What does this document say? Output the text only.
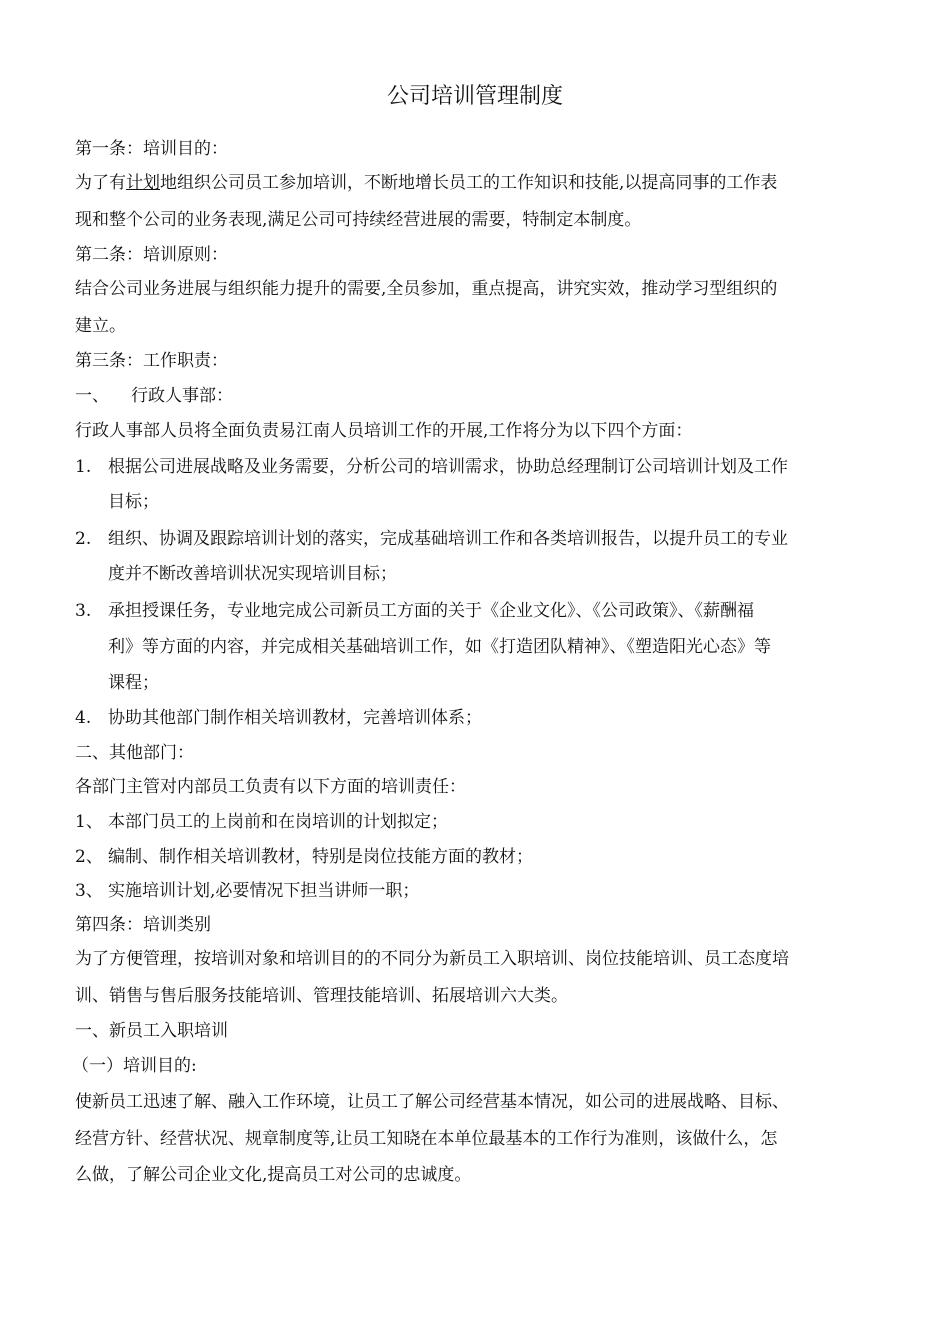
公司培训管理制度
第一条：培训目的：
为了有计划地组织公司员工参加培训，不断地增长员工的工作知识和技能,以提高同事的工作表
现和整个公司的业务表现,满足公司可持续经营进展的需要，特制定本制度。
第二条：培训原则：
结合公司业务进展与组织能力提升的需要,全员参加，重点提高，讲究实效，推动学习型组织的
建立。
第三条：工作职责：
一、	行政人事部：
行政人事部人员将全面负责易江南人员培训工作的开展,工作将分为以下四个方面：
1. 根据公司进展战略及业务需要，分析公司的培训需求，协助总经理制订公司培训计划及工作
目标；
2. 组织、协调及跟踪培训计划的落实，完成基础培训工作和各类培训报告，以提升员工的专业
度并不断改善培训状况实现培训目标；
3. 承担授课任务，专业地完成公司新员工方面的关于《企业文化》、《公司政策》、《薪酬福
利》等方面的内容，并完成相关基础培训工作，如《打造团队精神》、《塑造阳光心态》等
课程；
4. 协助其他部门制作相关培训教材，完善培训体系；
二、其他部门：
各部门主管对内部员工负责有以下方面的培训责任：
1、 本部门员工的上岗前和在岗培训的计划拟定；
2、 编制、制作相关培训教材，特别是岗位技能方面的教材；
3、 实施培训计划,必要情况下担当讲师一职；
第四条：培训类别
为了方便管理，按培训对象和培训目的的不同分为新员工入职培训、岗位技能培训、员工态度培
训、销售与售后服务技能培训、管理技能培训、拓展培训六大类。
一、新员工入职培训
（一）培训目的:
使新员工迅速了解、融入工作环境，让员工了解公司经营基本情况，如公司的进展战略、目标、
经营方针、经营状况、规章制度等,让员工知晓在本单位最基本的工作行为准则，该做什么，怎
么做，了解公司企业文化,提高员工对公司的忠诚度。
